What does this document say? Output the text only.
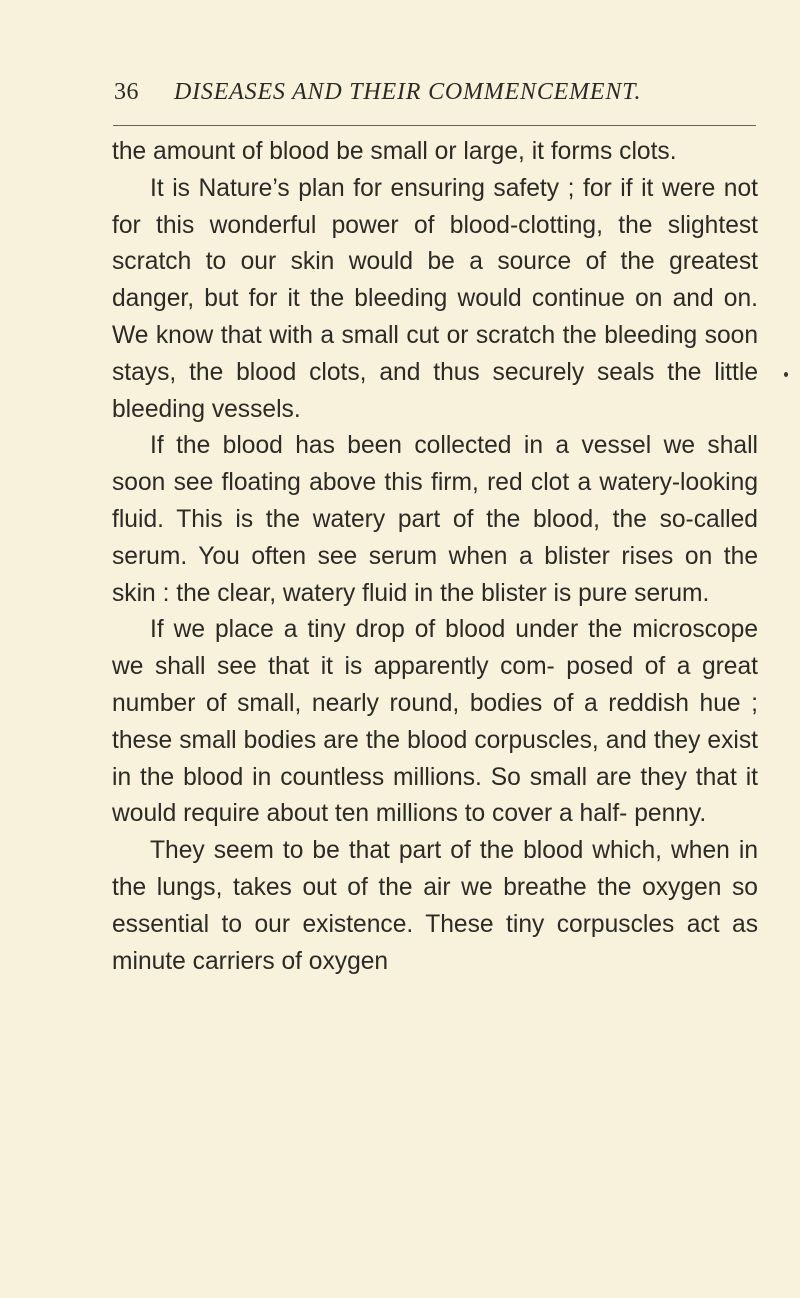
36 DISEASES AND THEIR COMMENCEMENT.

the amount of blood be small or large, it forms clots.

It is Nature’s plan for ensuring safety ; for if it were not for this wonderful power of blood-clotting, the slightest scratch to our skin would be a source of the greatest danger, but for it the bleeding would continue on and on. We know that with a small cut or scratch the bleeding soon stays, the blood clots, and thus securely seals the little bleeding vessels.

If the blood has been collected in a vessel we shall soon see floating above this firm, red clot a watery-looking fluid. This is the watery part of the blood, the so-called serum. You often see serum when a blister rises on the skin : the clear, watery fluid in the blister is pure serum.

If we place a tiny drop of blood under the microscope we shall see that it is apparently com- posed of a great number of small, nearly round, bodies of a reddish hue ; these small bodies are the blood corpuscles, and they exist in the blood in countless millions. So small are they that it would require about ten millions to cover a half- penny.

They seem to be that part of the blood which, when in the lungs, takes out of the air we breathe the oxygen so essential to our existence. These tiny corpuscles act as minute carriers of oxygen
